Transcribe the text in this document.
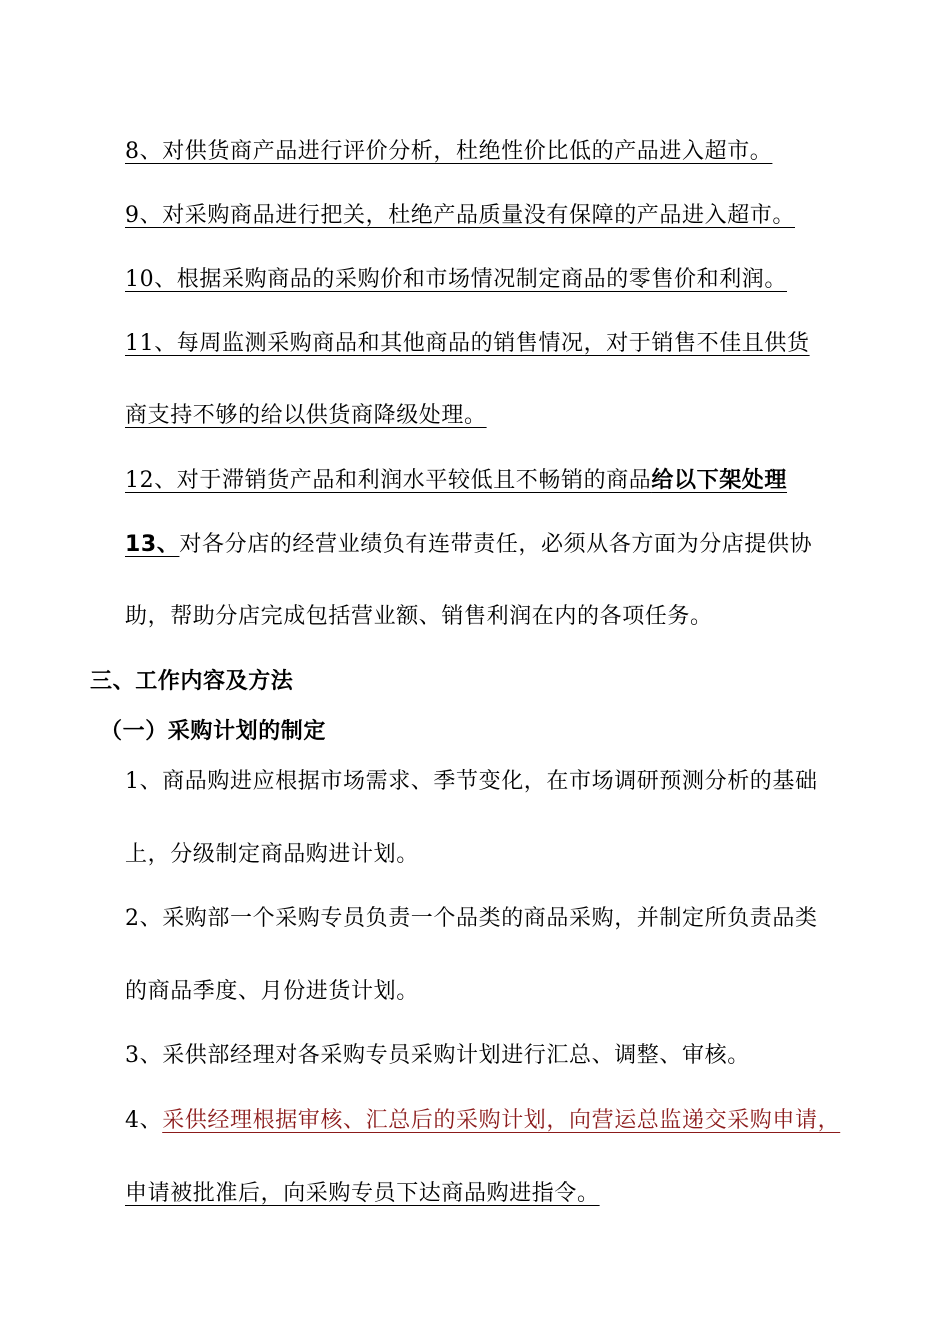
8、对供货商产品进行评价分析，杜绝性价比低的产品进入超市。
9、对采购商品进行把关，杜绝产品质量没有保障的产品进入超市。
10、根据采购商品的采购价和市场情况制定商品的零售价和利润。
11、每周监测采购商品和其他商品的销售情况，对于销售不佳且供货
商支持不够的给以供货商降级处理。
12、对于滞销货产品和利润水平较低且不畅销的商品给以下架处理
13、对各分店的经营业绩负有连带责任，必须从各方面为分店提供协
助，帮助分店完成包括营业额、销售利润在内的各项任务。
三、工作内容及方法
（一）采购计划的制定
1、商品购进应根据市场需求、季节变化，在市场调研预测分析的基础
上，分级制定商品购进计划。
2、采购部一个采购专员负责一个品类的商品采购，并制定所负责品类
的商品季度、月份进货计划。
3、采供部经理对各采购专员采购计划进行汇总、调整、审核。
4、采供经理根据审核、汇总后的采购计划，向营运总监递交采购申请，
申请被批准后，向采购专员下达商品购进指令。
